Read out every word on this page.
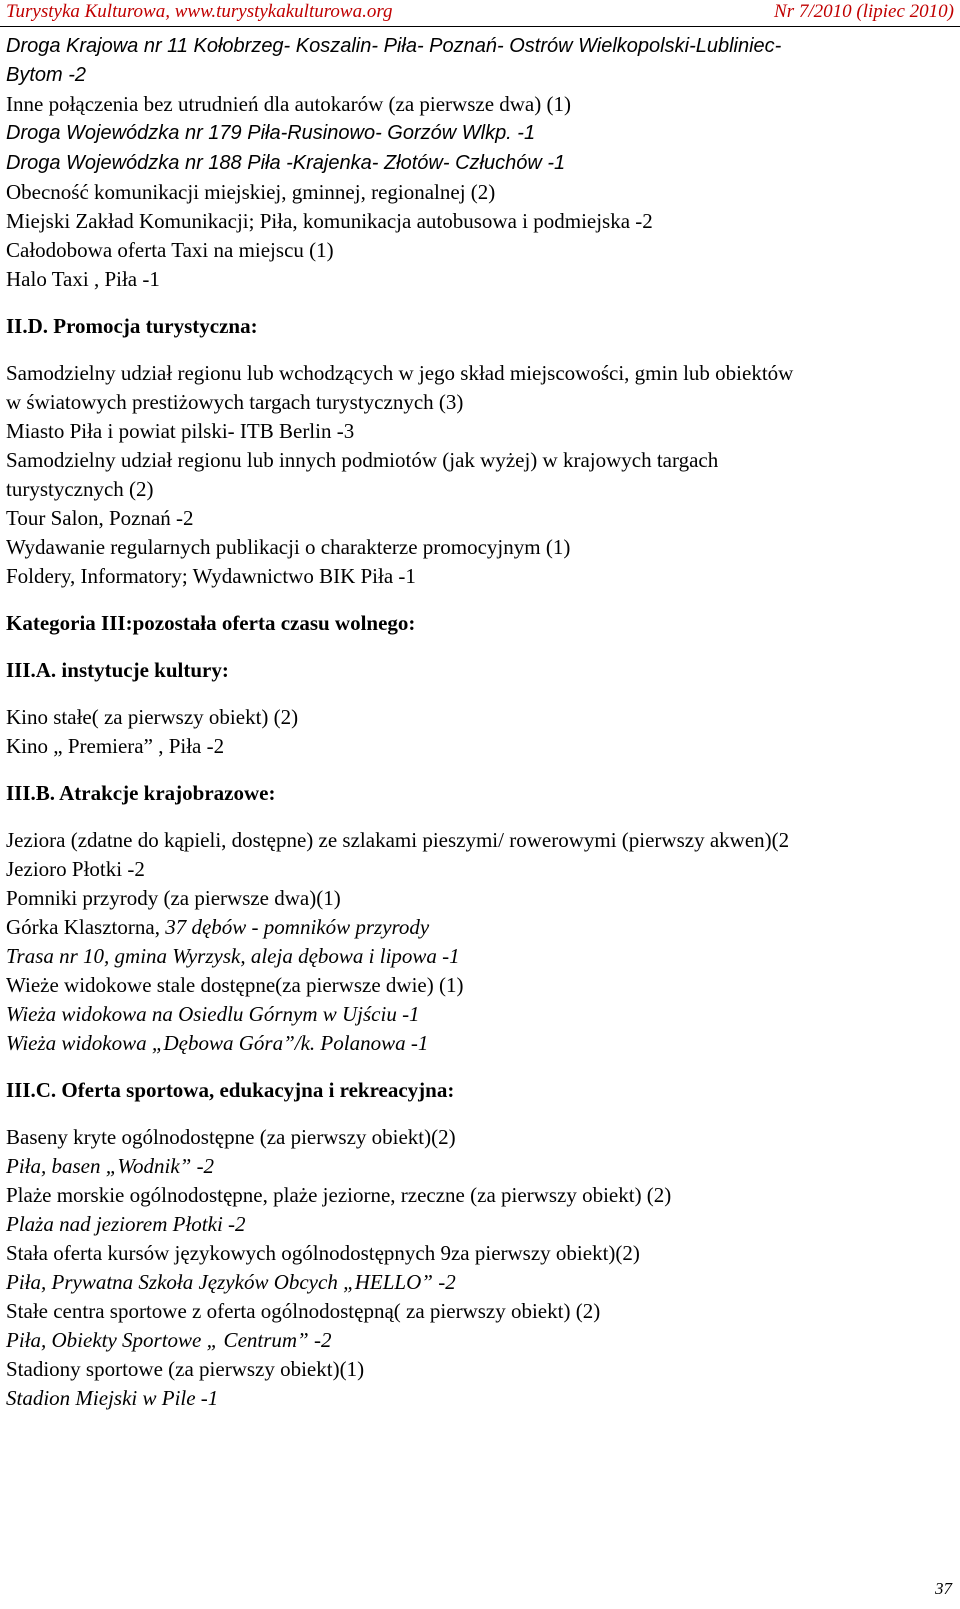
Turystyka Kulturowa, www.turystykakulturowa.org	Nr 7/2010 (lipiec 2010)
Droga Krajowa nr 11 Kołobrzeg- Koszalin- Piła- Poznań- Ostrów Wielkopolski-Lubliniec-
Bytom -2
Inne połączenia bez utrudnień dla autokarów (za pierwsze dwa) (1)
Droga Wojewódzka nr 179 Piła-Rusinowo- Gorzów Wlkp. -1
Droga Wojewódzka nr 188 Piła -Krajenka- Złotów- Człuchów -1
Obecność komunikacji miejskiej, gminnej, regionalnej (2)
Miejski Zakład Komunikacji; Piła, komunikacja autobusowa i podmiejska -2
Całodobowa oferta Taxi na miejscu (1)
Halo Taxi , Piła -1
II.D. Promocja turystyczna:
Samodzielny udział regionu lub wchodzących w jego skład miejscowości, gmin lub obiektów
w światowych prestiżowych targach turystycznych (3)
Miasto Piła i powiat pilski- ITB Berlin -3
Samodzielny udział regionu lub innych podmiotów (jak wyżej) w krajowych targach
turystycznych (2)
Tour Salon, Poznań -2
Wydawanie regularnych publikacji o charakterze promocyjnym (1)
Foldery, Informatory; Wydawnictwo BIK Piła -1
Kategoria III:pozostała oferta czasu wolnego:
III.A. instytucje kultury:
Kino stałe( za pierwszy obiekt) (2)
Kino „ Premiera” , Piła -2
III.B. Atrakcje krajobrazowe:
Jeziora (zdatne do kąpieli, dostępne) ze szlakami pieszymi/ rowerowymi (pierwszy akwen)(2
Jezioro Płotki -2
Pomniki przyrody (za pierwsze dwa)(1)
Górka Klasztorna, 37 dębów - pomników przyrody
Trasa nr 10, gmina Wyrzysk, aleja dębowa i lipowa -1
Wieże widokowe stale dostępne(za pierwsze dwie) (1)
Wieża widokowa na Osiedlu Górnym w Ujściu -1
Wieża widokowa „Dębowa Góra”/k. Polanowa -1
III.C. Oferta sportowa, edukacyjna i rekreacyjna:
Baseny kryte ogólnodostępne (za pierwszy obiekt)(2)
Piła, basen „Wodnik” -2
Plaże morskie ogólnodostępne, plaże jeziorne, rzeczne (za pierwszy obiekt) (2)
Plaża nad jeziorem Płotki -2
Stała oferta kursów językowych ogólnodostępnych 9za pierwszy obiekt)(2)
Piła, Prywatna Szkoła Języków Obcych „HELLO” -2
Stałe centra sportowe z oferta ogólnodostępną( za pierwszy obiekt) (2)
Piła, Obiekty Sportowe „ Centrum” -2
Stadiony sportowe (za pierwszy obiekt)(1)
Stadion Miejski w Pile -1
37
